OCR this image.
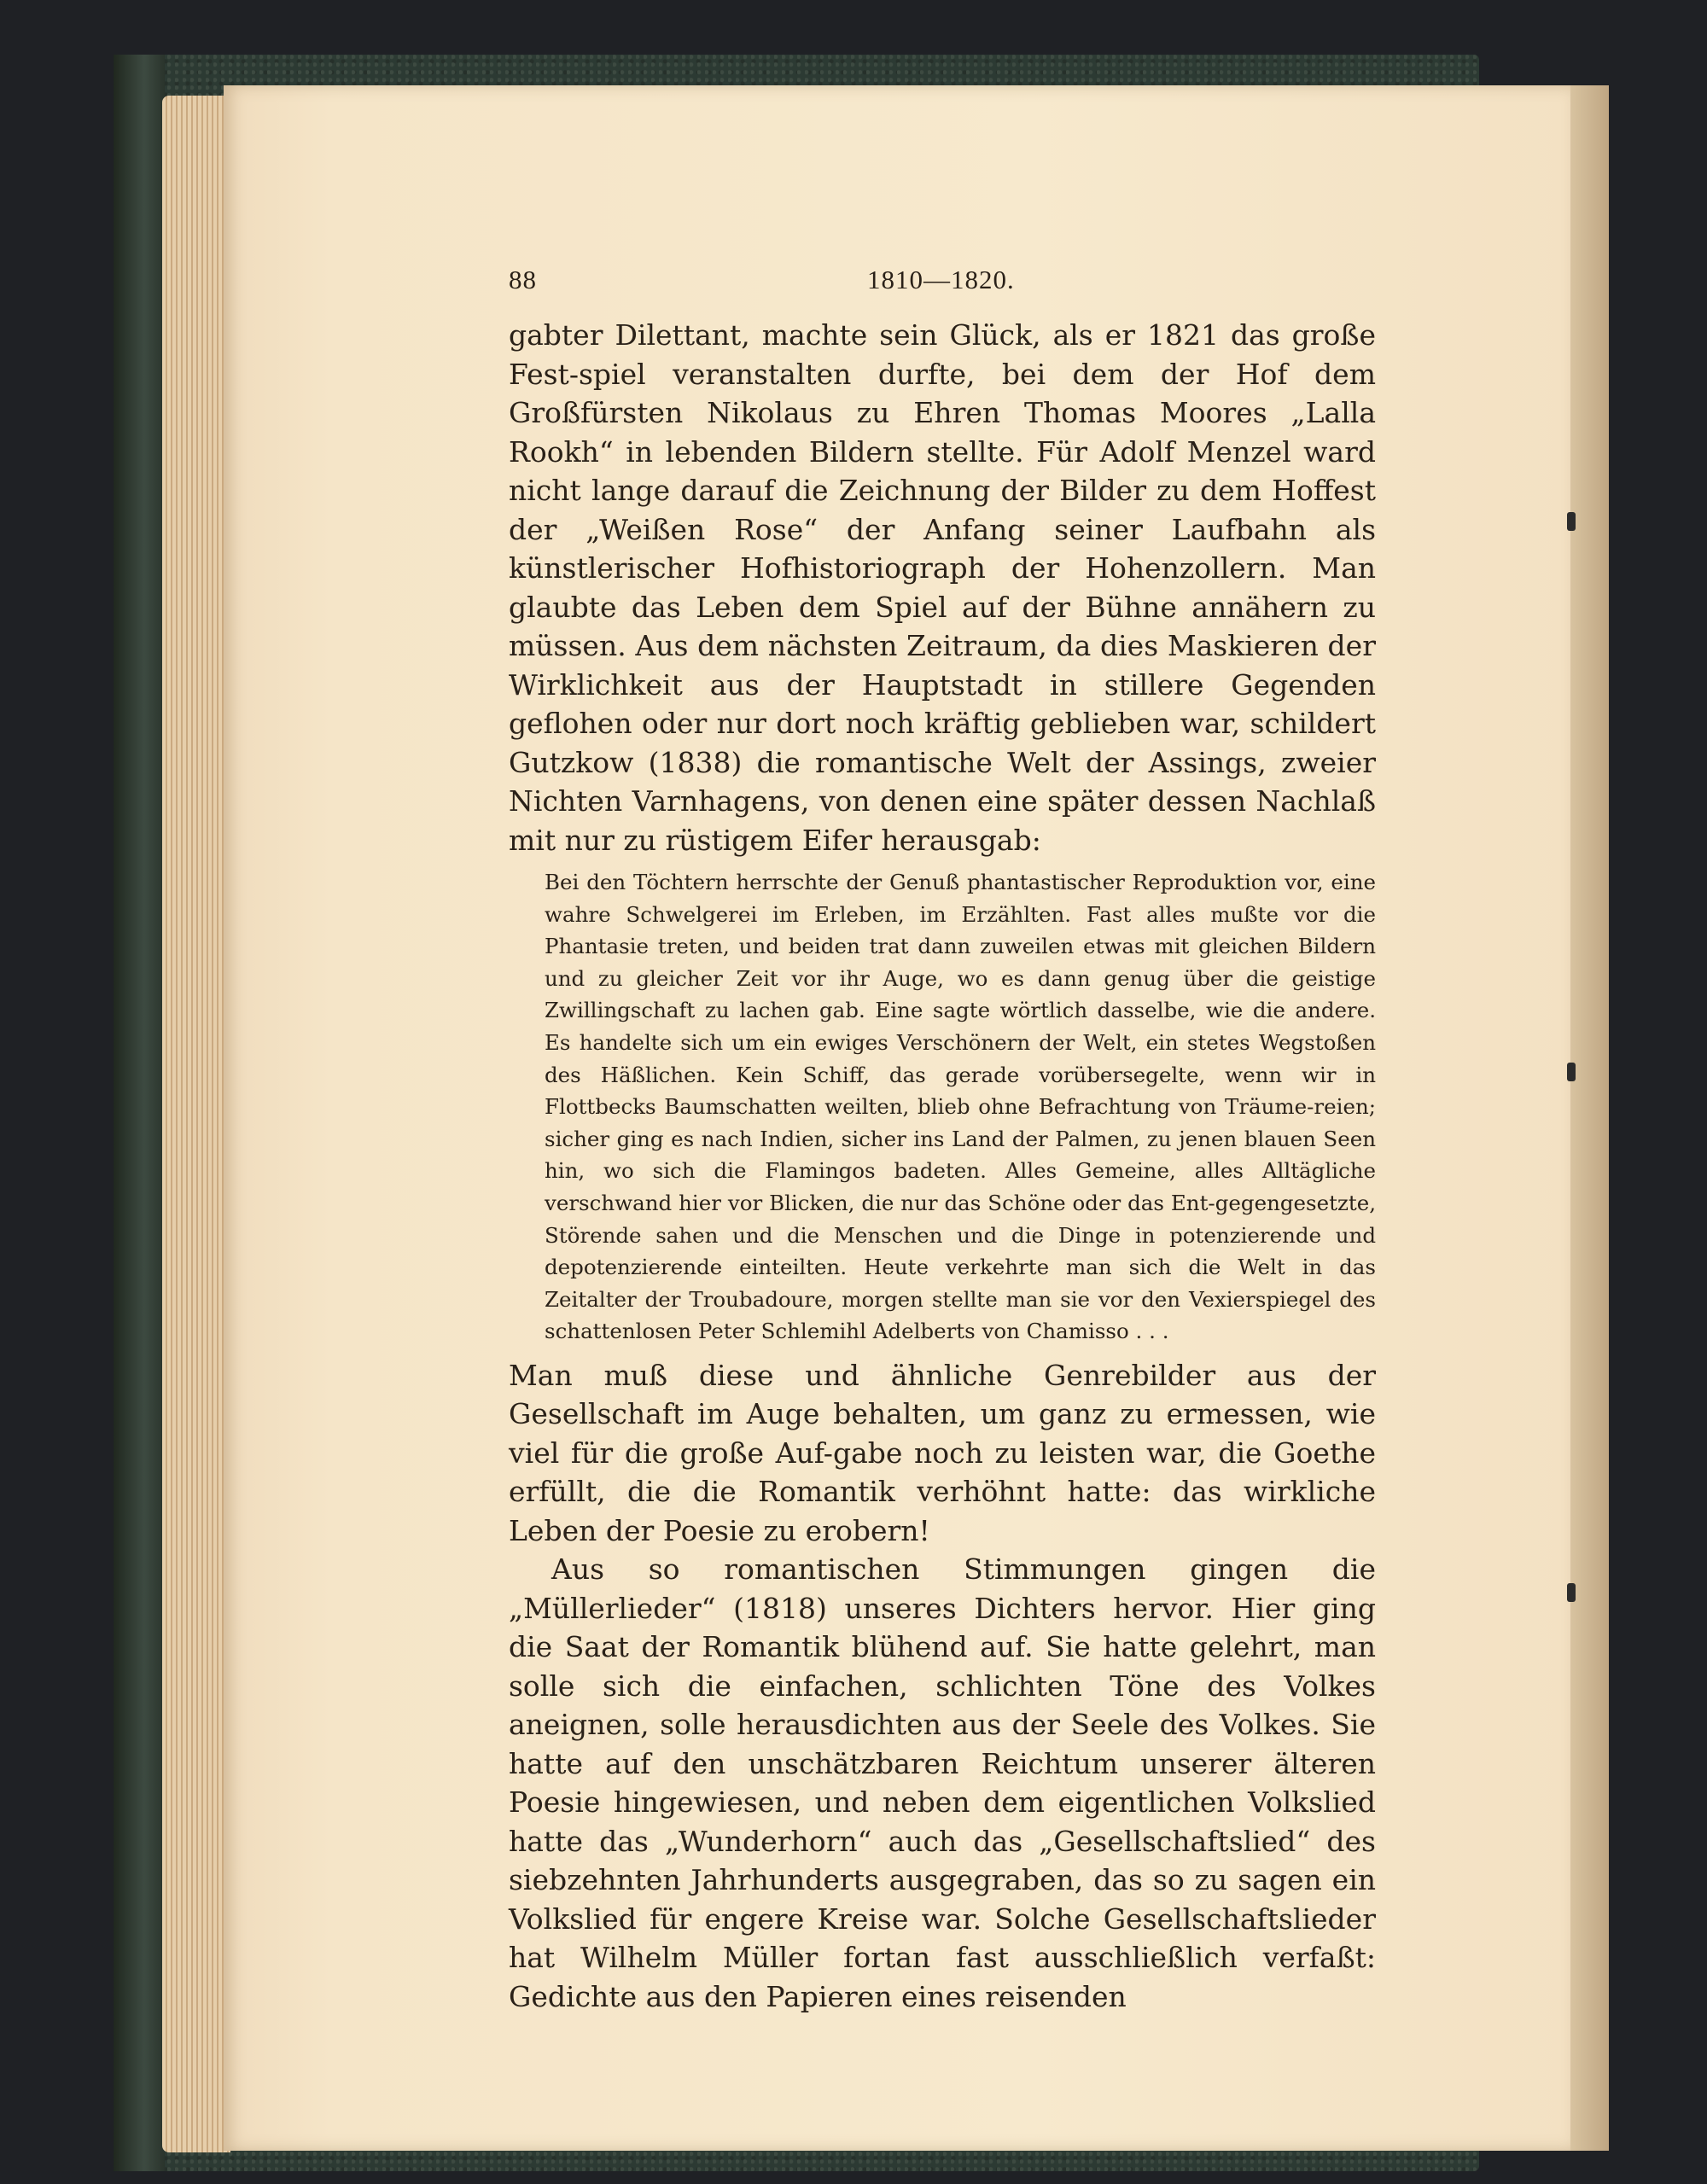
88	1810—1820.

gabter Dilettant, machte sein Glück, als er 1821 das große Fest-spiel veranstalten durfte, bei dem der Hof dem Großfürsten Nikolaus zu Ehren Thomas Moores „Lalla Rookh“ in lebenden Bildern stellte. Für Adolf Menzel ward nicht lange darauf die Zeichnung der Bilder zu dem Hoffest der „Weißen Rose“ der Anfang seiner Laufbahn als künstlerischer Hofhistoriograph der Hohenzollern. Man glaubte das Leben dem Spiel auf der Bühne annähern zu müssen. Aus dem nächsten Zeitraum, da dies Maskieren der Wirklichkeit aus der Hauptstadt in stillere Gegenden geflohen oder nur dort noch kräftig geblieben war, schildert Gutzkow (1838) die romantische Welt der Assings, zweier Nichten Varnhagens, von denen eine später dessen Nachlaß mit nur zu rüstigem Eifer herausgab:

Bei den Töchtern herrschte der Genuß phantastischer Reproduktion vor, eine wahre Schwelgerei im Erleben, im Erzählten. Fast alles mußte vor die Phantasie treten, und beiden trat dann zuweilen etwas mit gleichen Bildern und zu gleicher Zeit vor ihr Auge, wo es dann genug über die geistige Zwillingschaft zu lachen gab. Eine sagte wörtlich dasselbe, wie die andere. Es handelte sich um ein ewiges Verschönern der Welt, ein stetes Wegstoßen des Häßlichen. Kein Schiff, das gerade vorübersegelte, wenn wir in Flottbecks Baumschatten weilten, blieb ohne Befrachtung von Träume-reien; sicher ging es nach Indien, sicher ins Land der Palmen, zu jenen blauen Seen hin, wo sich die Flamingos badeten. Alles Gemeine, alles Alltägliche verschwand hier vor Blicken, die nur das Schöne oder das Ent-gegengesetzte, Störende sahen und die Menschen und die Dinge in potenzierende und depotenzierende einteilten. Heute verkehrte man sich die Welt in das Zeitalter der Troubadoure, morgen stellte man sie vor den Vexierspiegel des schattenlosen Peter Schlemihl Adelberts von Chamisso . . .

Man muß diese und ähnliche Genrebilder aus der Gesellschaft im Auge behalten, um ganz zu ermessen, wie viel für die große Auf-gabe noch zu leisten war, die Goethe erfüllt, die die Romantik verhöhnt hatte: das wirkliche Leben der Poesie zu erobern!

Aus so romantischen Stimmungen gingen die „Müllerlieder“ (1818) unseres Dichters hervor. Hier ging die Saat der Romantik blühend auf. Sie hatte gelehrt, man solle sich die einfachen, schlichten Töne des Volkes aneignen, solle herausdichten aus der Seele des Volkes. Sie hatte auf den unschätzbaren Reichtum unserer älteren Poesie hingewiesen, und neben dem eigentlichen Volkslied hatte das „Wunderhorn“ auch das „Gesellschaftslied“ des siebzehnten Jahrhunderts ausgegraben, das so zu sagen ein Volkslied für engere Kreise war. Solche Gesellschaftslieder hat Wilhelm Müller fortan fast ausschließlich verfaßt: Gedichte aus den Papieren eines reisenden
